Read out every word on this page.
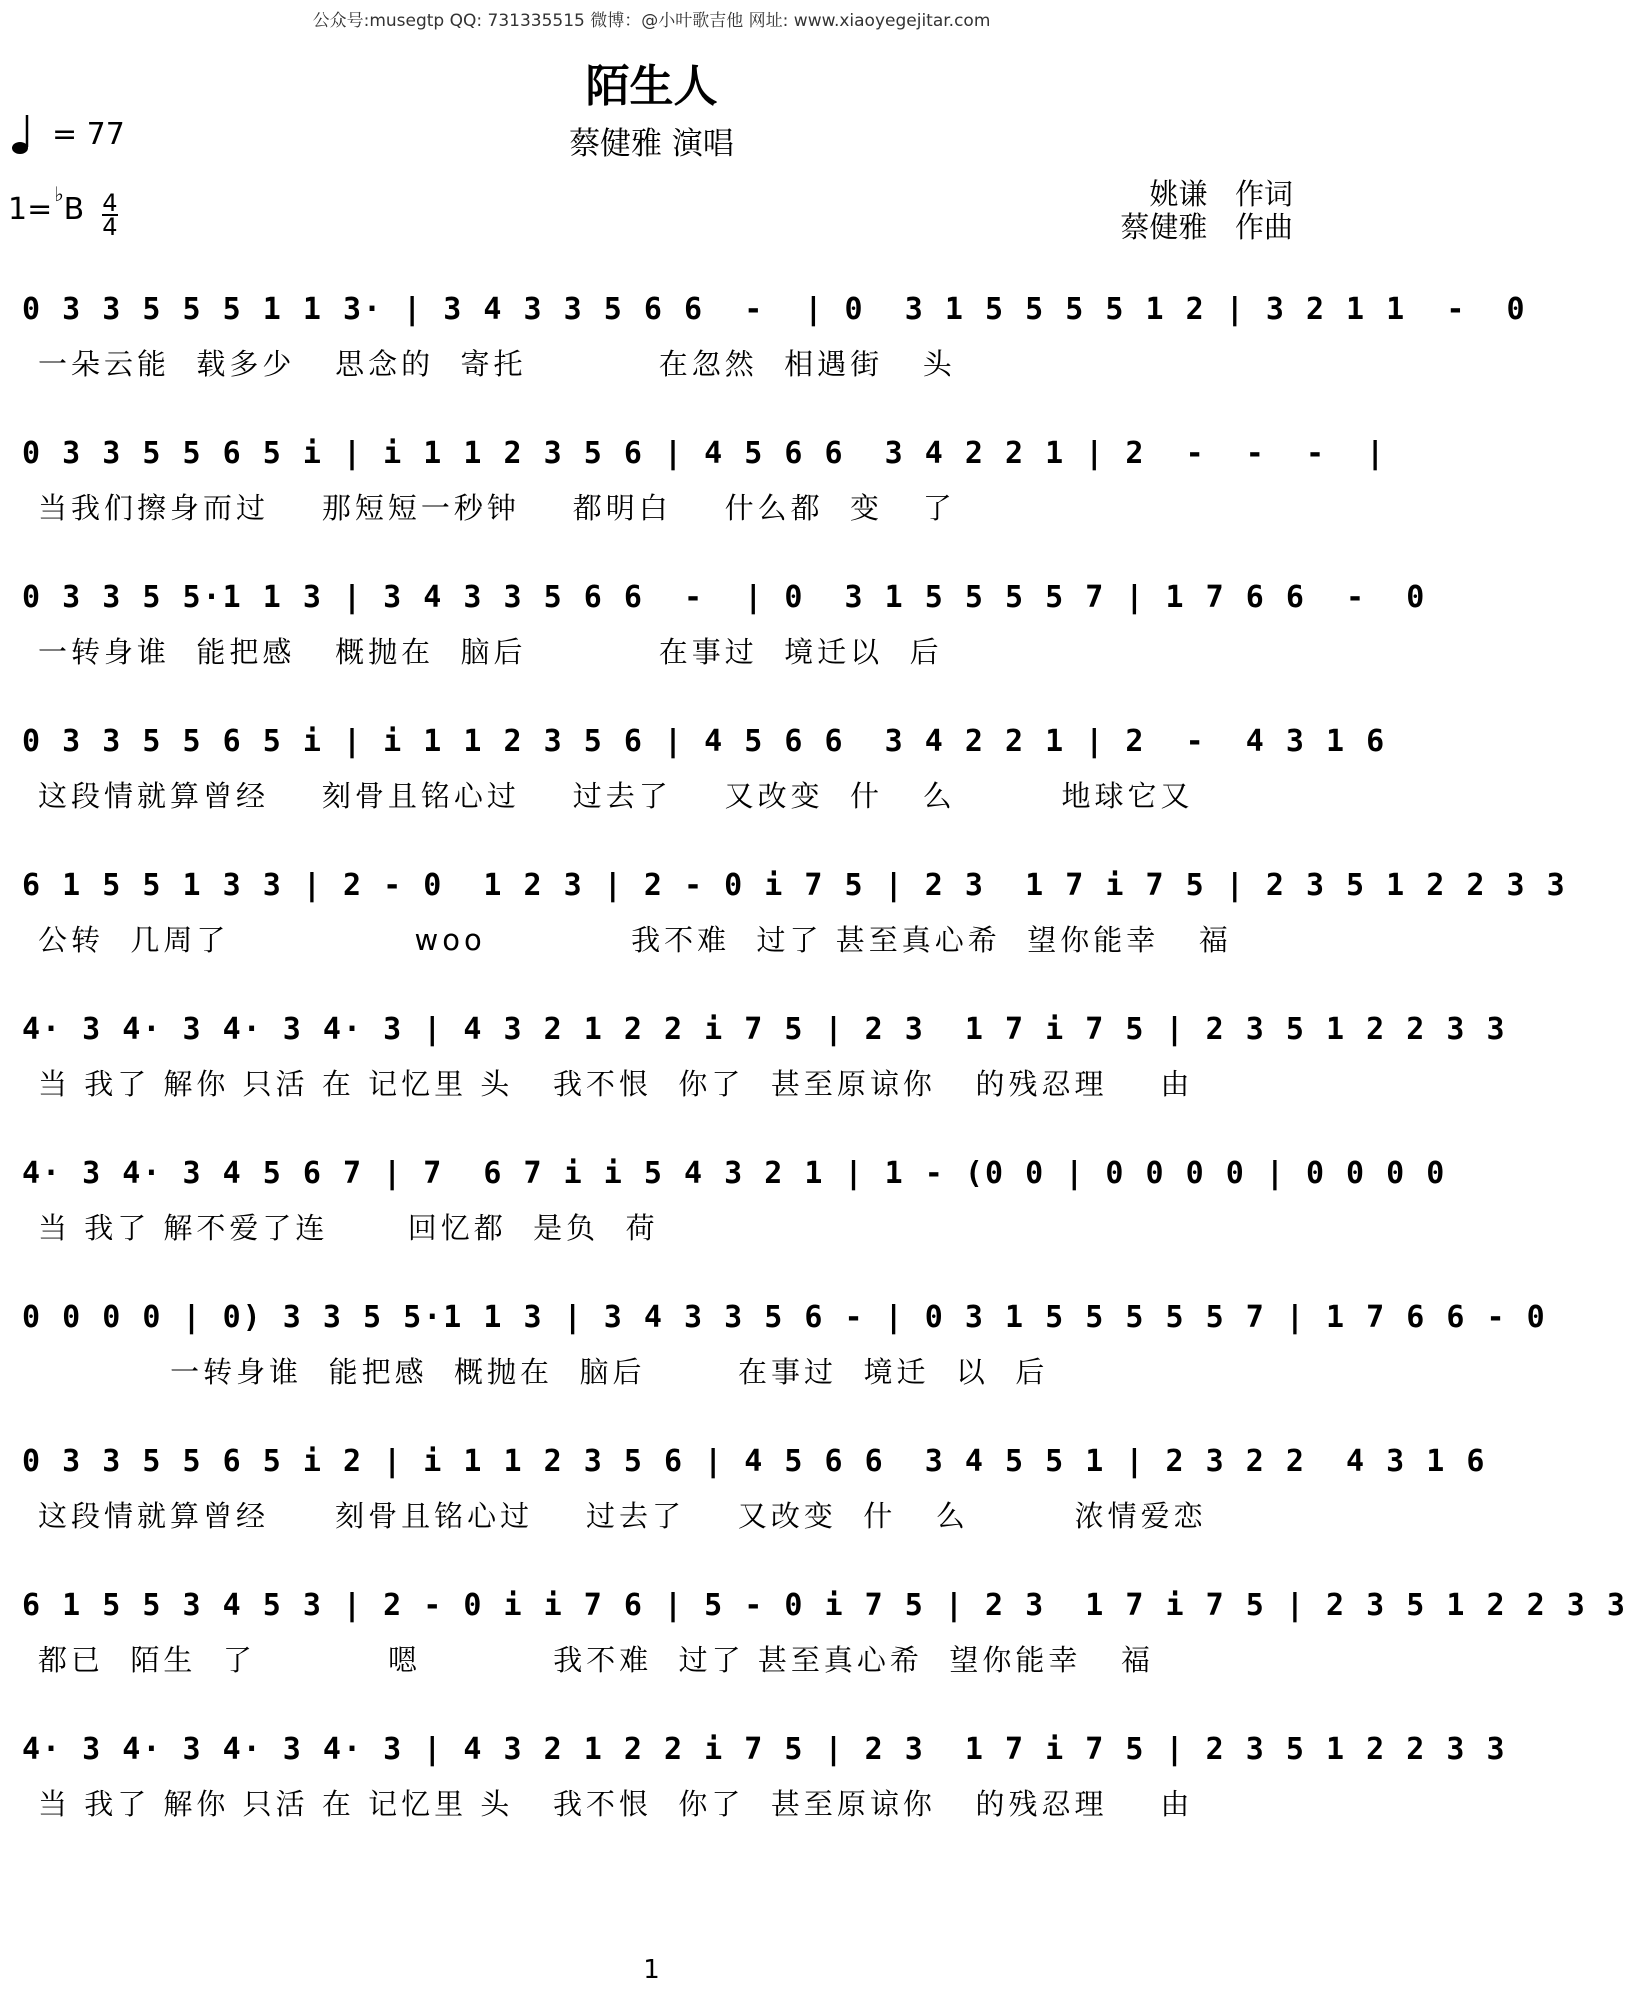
公众号:musegtp QQ: 731335515 微博：@小叶歌吉他 网址: www.xiaoyegejitar.com
陌生人
蔡健雅 演唱
= 77
1= ♭ B $\frac{4}{4}$	姚谦   作词
蔡健雅   作曲
0 3 3 5 5 5 1 1 3· | 3 4 3 3 5 6 6  -  | 0  3 1 5 5 5 5 1 2 | 3 2 1 1  -  0
一朵云能  载多少   思念的  寄托          在忽然  相遇街   头
0 3 3 5 5 6 5 i | i 1 1 2 3 5 6 | 4 5 6 6  3 4 2 2 1 | 2  -  -  -  |
当我们擦身而过    那短短一秒钟    都明白    什么都  变   了
0 3 3 5 5·1 1 3 | 3 4 3 3 5 6 6  -  | 0  3 1 5 5 5 5 7 | 1 7 6 6  -  0
一转身谁  能把感   概抛在  脑后          在事过  境迁以  后
0 3 3 5 5 6 5 i | i 1 1 2 3 5 6 | 4 5 6 6  3 4 2 2 1 | 2  -  4 3 1 6
这段情就算曾经    刻骨且铭心过    过去了    又改变  什   么        地球它又
6 1 5 5 1 3 3 | 2 - 0  1 2 3 | 2 - 0 i 7 5 | 2 3  1 7 i 7 5 | 2 3 5 1 2 2 3 3
公转  几周了              woo           我不难  过了 甚至真心希  望你能幸   福
4· 3 4· 3 4· 3 4· 3 | 4 3 2 1 2 2 i 7 5 | 2 3  1 7 i 7 5 | 2 3 5 1 2 2 3 3
当 我了 解你 只活 在 记忆里 头   我不恨  你了  甚至原谅你   的残忍理    由
4· 3 4· 3 4 5 6 7 | 7  6 7 i i 5 4 3 2 1 | 1 - (0 0 | 0 0 0 0 | 0 0 0 0
当 我了 解不爱了连      回忆都  是负  荷
0 0 0 0 | 0) 3 3 5 5·1 1 3 | 3 4 3 3 5 6 - | 0 3 1 5 5 5 5 5 7 | 1 7 6 6 - 0
一转身谁  能把感  概抛在  脑后       在事过  境迁  以  后
0 3 3 5 5 6 5 i 2 | i 1 1 2 3 5 6 | 4 5 6 6  3 4 5 5 1 | 2 3 2 2  4 3 1 6
这段情就算曾经     刻骨且铭心过    过去了    又改变  什   么        浓情爱恋
6 1 5 5 3 4 5 3 | 2 - 0 i i 7 6 | 5 - 0 i 7 5 | 2 3  1 7 i 7 5 | 2 3 5 1 2 2 3 3
都已  陌生  了          嗯          我不难  过了 甚至真心希  望你能幸   福
4· 3 4· 3 4· 3 4· 3 | 4 3 2 1 2 2 i 7 5 | 2 3  1 7 i 7 5 | 2 3 5 1 2 2 3 3
当 我了 解你 只活 在 记忆里 头   我不恨  你了  甚至原谅你   的残忍理    由
1
